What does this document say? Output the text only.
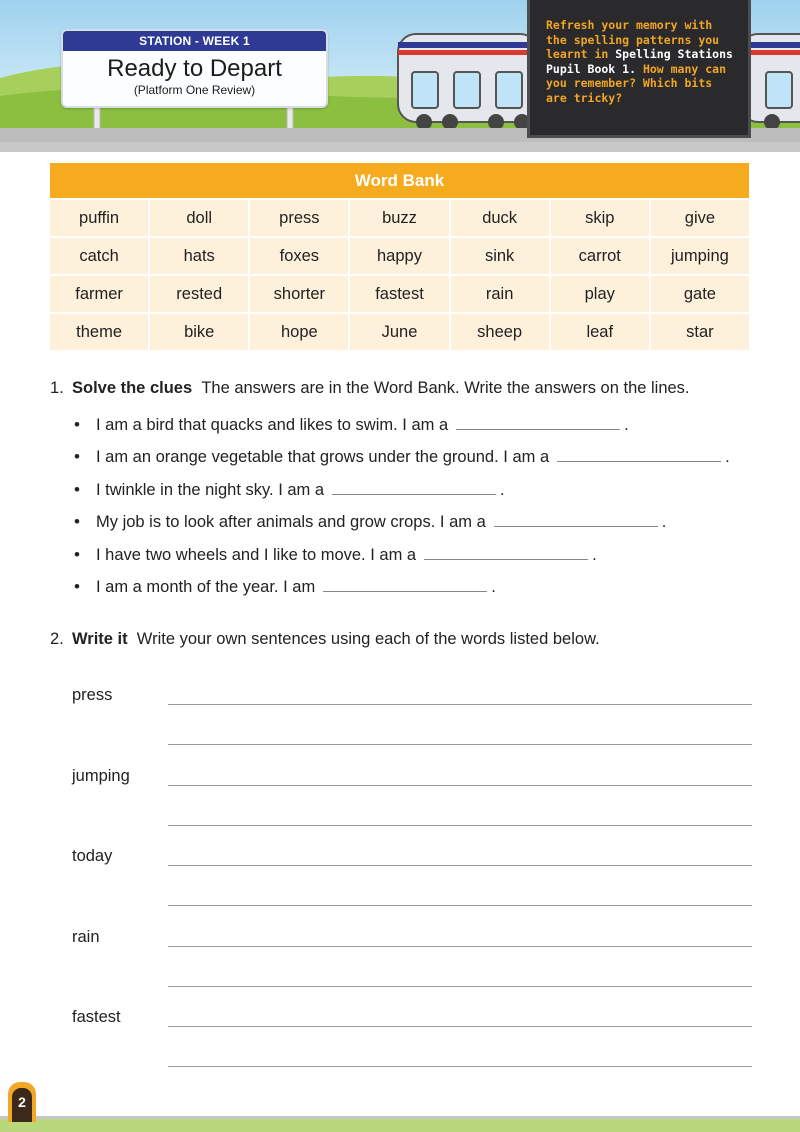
STATION - WEEK 1
Ready to Depart
(Platform One Review)
Refresh your memory with
the spelling patterns you
learnt in Spelling Stations
Pupil Book 1. How many can
you remember? Which bits
are tricky?
Word Bank
puffin	doll	press	buzz	duck	skip	give
catch	hats	foxes	happy	sink	carrot	jumping
farmer	rested	shorter	fastest	rain	play	gate
theme	bike	hope	June	sheep	leaf	star
1. Solve the clues The answers are in the Word Bank. Write the answers on the lines.
• I am a bird that quacks and likes to swim. I am a	.
• I am an orange vegetable that grows under the ground. I am a	.
• I twinkle in the night sky. I am a	.
• My job is to look after animals and grow crops. I am a	.
• I have two wheels and I like to move. I am a	.
• I am a month of the year. I am	.
2. Write it Write your own sentences using each of the words listed below.
press
jumping
today
rain
fastest
2
